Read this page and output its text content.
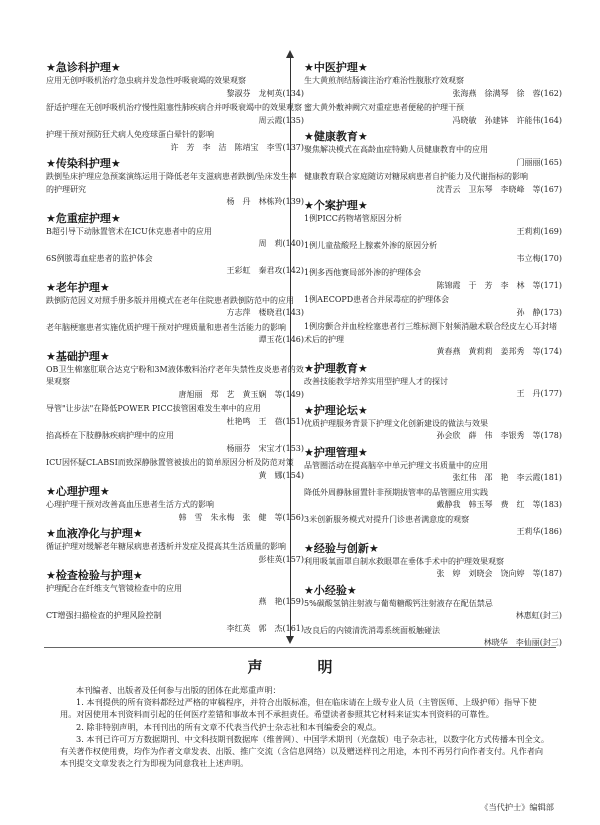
★急诊科护理★
应用无创呼吸机治疗急虫病并发急性呼吸衰竭的效果观察
黎淑芬　龙柯英(134)
舒适护理在无创呼吸机治疗慢性阻塞性肺疾病合并呼吸衰竭中的效果观察
周云霞(135)
护理干预对预防狂犬病人免疫球蛋白晕针的影响
许　芳　李　洁　陈靖宝　李雪(137)
★传染科护理★
跌倒坠床护理应急预案演练运用于降低老年支滋病患者跌倒/坠床发生率的护理研究
杨　丹　林栋羚(139)
★危重症护理★
B超引导下动脉置管术在ICU休克患者中的应用
周　莉(140)
6S例脓毒血症患者的监护体会
王彩虹　秦君攻(142)
★老年护理★
跌倒防范因义对照手册多版并用模式在老年住院患者跌倒防范中的应用
方志萍　楼晓君(143)
老年脑梗塞患者实施优质护理干预对护理质量和患者生活能力的影响
谭玉花(146)
★基础护理★
OB卫生棉塞肛联合达克宁粉和3M液体敷料治疗老年失禁性皮炎患者的效果观察
唐旭丽　郑　艺　黄玉娴　等(149)
导管"让步法"在降低POWER PICC拔管困难发生率中的应用
杜艳鸣　王　蓓(151)
掐高桥在下肢静脉疾病护理中的应用
杨丽芬　宋宝才(153)
ICU因怀疑CLABSI而致深静脉置管被拔出的简单原因分析及防范对策
黄　娜(154)
★心理护理★
心理护理干预对改善高血压患者生活方式的影响
韩　雪　朱永梅　张　健　等(156)
★血液净化与护理★
循证护理对缓解老年糖尿病患者透析并发症及提高其生活质量的影响
彭桂英(157)
★检查检验与护理★
护理配合在纤维支气管镜检查中的应用
燕　艳(159)
CT增强扫描检查的护理风险控制
李红英　郭　杰(161)
★中医护理★
生大黄煎剂结肠滴注治疗难治性腹胀疗效观察
张海燕　徐满琴　徐　蓉(162)
蜜大黄外敷神阙穴对重症患者便秘的护理干预
冯晓敏　孙建钵　许能伟(164)
★健康教育★
聚焦解决模式在高龄血症特勤人员健康教育中的应用
门丽丽(165)
健康教育联合家庭随访对糖尿病患者自护能力及代谢指标的影响
沈青云　卫东琴　李晓峰　等(167)
★个案护理★
1例PICC药物堵管原因分析
王莉莉(169)
1例儿童盐酸羟上腺素外渗的原因分析
韦立梅(170)
1例多西他赛局部外渗的护理体会
陈锦霞　于　芳　李　林　等(171)
1例AECOPD患者合并尿毒症的护理体会
孙　静(173)
1例房颤合并血栓栓塞患者行三维标测下射频消融术联合经皮左心耳封堵术后的护理
黄春燕　黄莉莉　姜邦秀　等(174)
★护理教育★
改善技能教学培养实用型护理人才的探讨
王　丹(177)
★护理论坛★
优质护理服务背景下护理文化创新建设的做法与效果
孙会欣　薛　伟　李银秀　等(178)
★护理管理★
品管圈活动在提高脑卒中单元护理文书质量中的应用
张红伟　邵　艳　李云霞(181)
降低外周静脉留置针非预期拔管率的品管圈应用实践
戴静我　韩玉琴　费　红　等(183)
3米创新服务模式对提升门诊患者满意度的观察
王莉华(186)
★经验与创新★
利用吸氧面罩自制水救眼罩在垂体手术中的护理效果观察
张　婷　刘晓会　饶向婷　等(187)
★小经验★
5%碳酸氢钠注射液与葡萄糖酸钙注射液存在配伍禁忌
林惠虹(封三)
改良后的内镜清洗消毒系统面板触碰法
林晓华　李仙丽(封三)
声　明

本刊编者、出版者及任何参与出版的团体在此郑重声明：

1. 本刊提供的所有资料都经过严格的审稿程序，并符合出版标准，但在临床请在上级专业人员（主管医师、上级护师）指导下使用。对因使用本刊资料而引起的任何医疗差错和事故本刊不承担责任。希望读者参照其它材料来证实本刊资料的可靠性。

2. 除非特别声明，本刊刊出的所有文章不代表当代护士杂志社和本刊编委会的观点。

3. 本刊已许可万方数据期刊、中文科技期刊数据库（维普网）、中国学术期刊（光盘版）电子杂志社，以数字化方式传播本刊全文。有关著作权使用费，均作为作者文章发表、出版、推广交流（含信息网络）以及赠送样刊之用途，本刊不再另行向作者支付。凡作者向本刊提交文章发表之行为即视为同意我社上述声明。

《当代护士》编辑部
